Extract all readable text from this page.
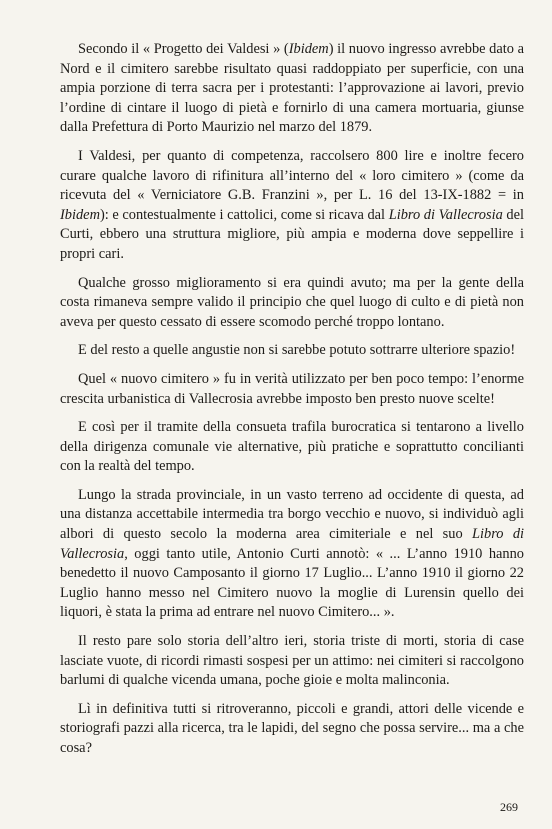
Secondo il « Progetto dei Valdesi » (Ibidem) il nuovo ingresso avrebbe dato a Nord e il cimitero sarebbe risultato quasi raddoppiato per superficie, con una ampia porzione di terra sacra per i protestanti: l’approvazione ai lavori, previo l’ordine di cintare il luogo di pietà e fornirlo di una camera mortuaria, giunse dalla Prefettura di Porto Maurizio nel marzo del 1879.

I Valdesi, per quanto di competenza, raccolsero 800 lire e inoltre fecero curare qualche lavoro di rifinitura all’interno del « loro cimitero » (come da ricevuta del « Verniciatore G.B. Franzini », per L. 16 del 13-IX-1882 = in Ibidem): e contestualmente i cattolici, come si ricava dal Libro di Vallecrosia del Curti, ebbero una struttura migliore, più ampia e moderna dove seppellire i propri cari.

Qualche grosso miglioramento si era quindi avuto; ma per la gente della costa rimaneva sempre valido il principio che quel luogo di culto e di pietà non aveva per questo cessato di essere scomodo perché troppo lontano.

E del resto a quelle angustie non si sarebbe potuto sottrarre ulteriore spazio!

Quel « nuovo cimitero » fu in verità utilizzato per ben poco tempo: l’enorme crescita urbanistica di Vallecrosia avrebbe imposto ben presto nuove scelte!

E così per il tramite della consueta trafila burocratica si tentarono a livello della dirigenza comunale vie alternative, più pratiche e soprattutto concilianti con la realtà del tempo.

Lungo la strada provinciale, in un vasto terreno ad occidente di questa, ad una distanza accettabile intermedia tra borgo vecchio e nuovo, si individuò agli albori di questo secolo la moderna area cimiteriale e nel suo Libro di Vallecrosia, oggi tanto utile, Antonio Curti annotò: « ... L’anno 1910 hanno benedetto il nuovo Camposanto il giorno 17 Luglio... L’anno 1910 il giorno 22 Luglio hanno messo nel Cimitero nuovo la moglie di Lurensin quello dei liquori, è stata la prima ad entrare nel nuovo Cimitero... ».

Il resto pare solo storia dell’altro ieri, storia triste di morti, storia di case lasciate vuote, di ricordi rimasti sospesi per un attimo: nei cimiteri si raccolgono barlumi di qualche vicenda umana, poche gioie e molta malinconia.

Lì in definitiva tutti si ritroveranno, piccoli e grandi, attori delle vicende e storiografi pazzi alla ricerca, tra le lapidi, del segno che possa servire... ma a che cosa?

269
